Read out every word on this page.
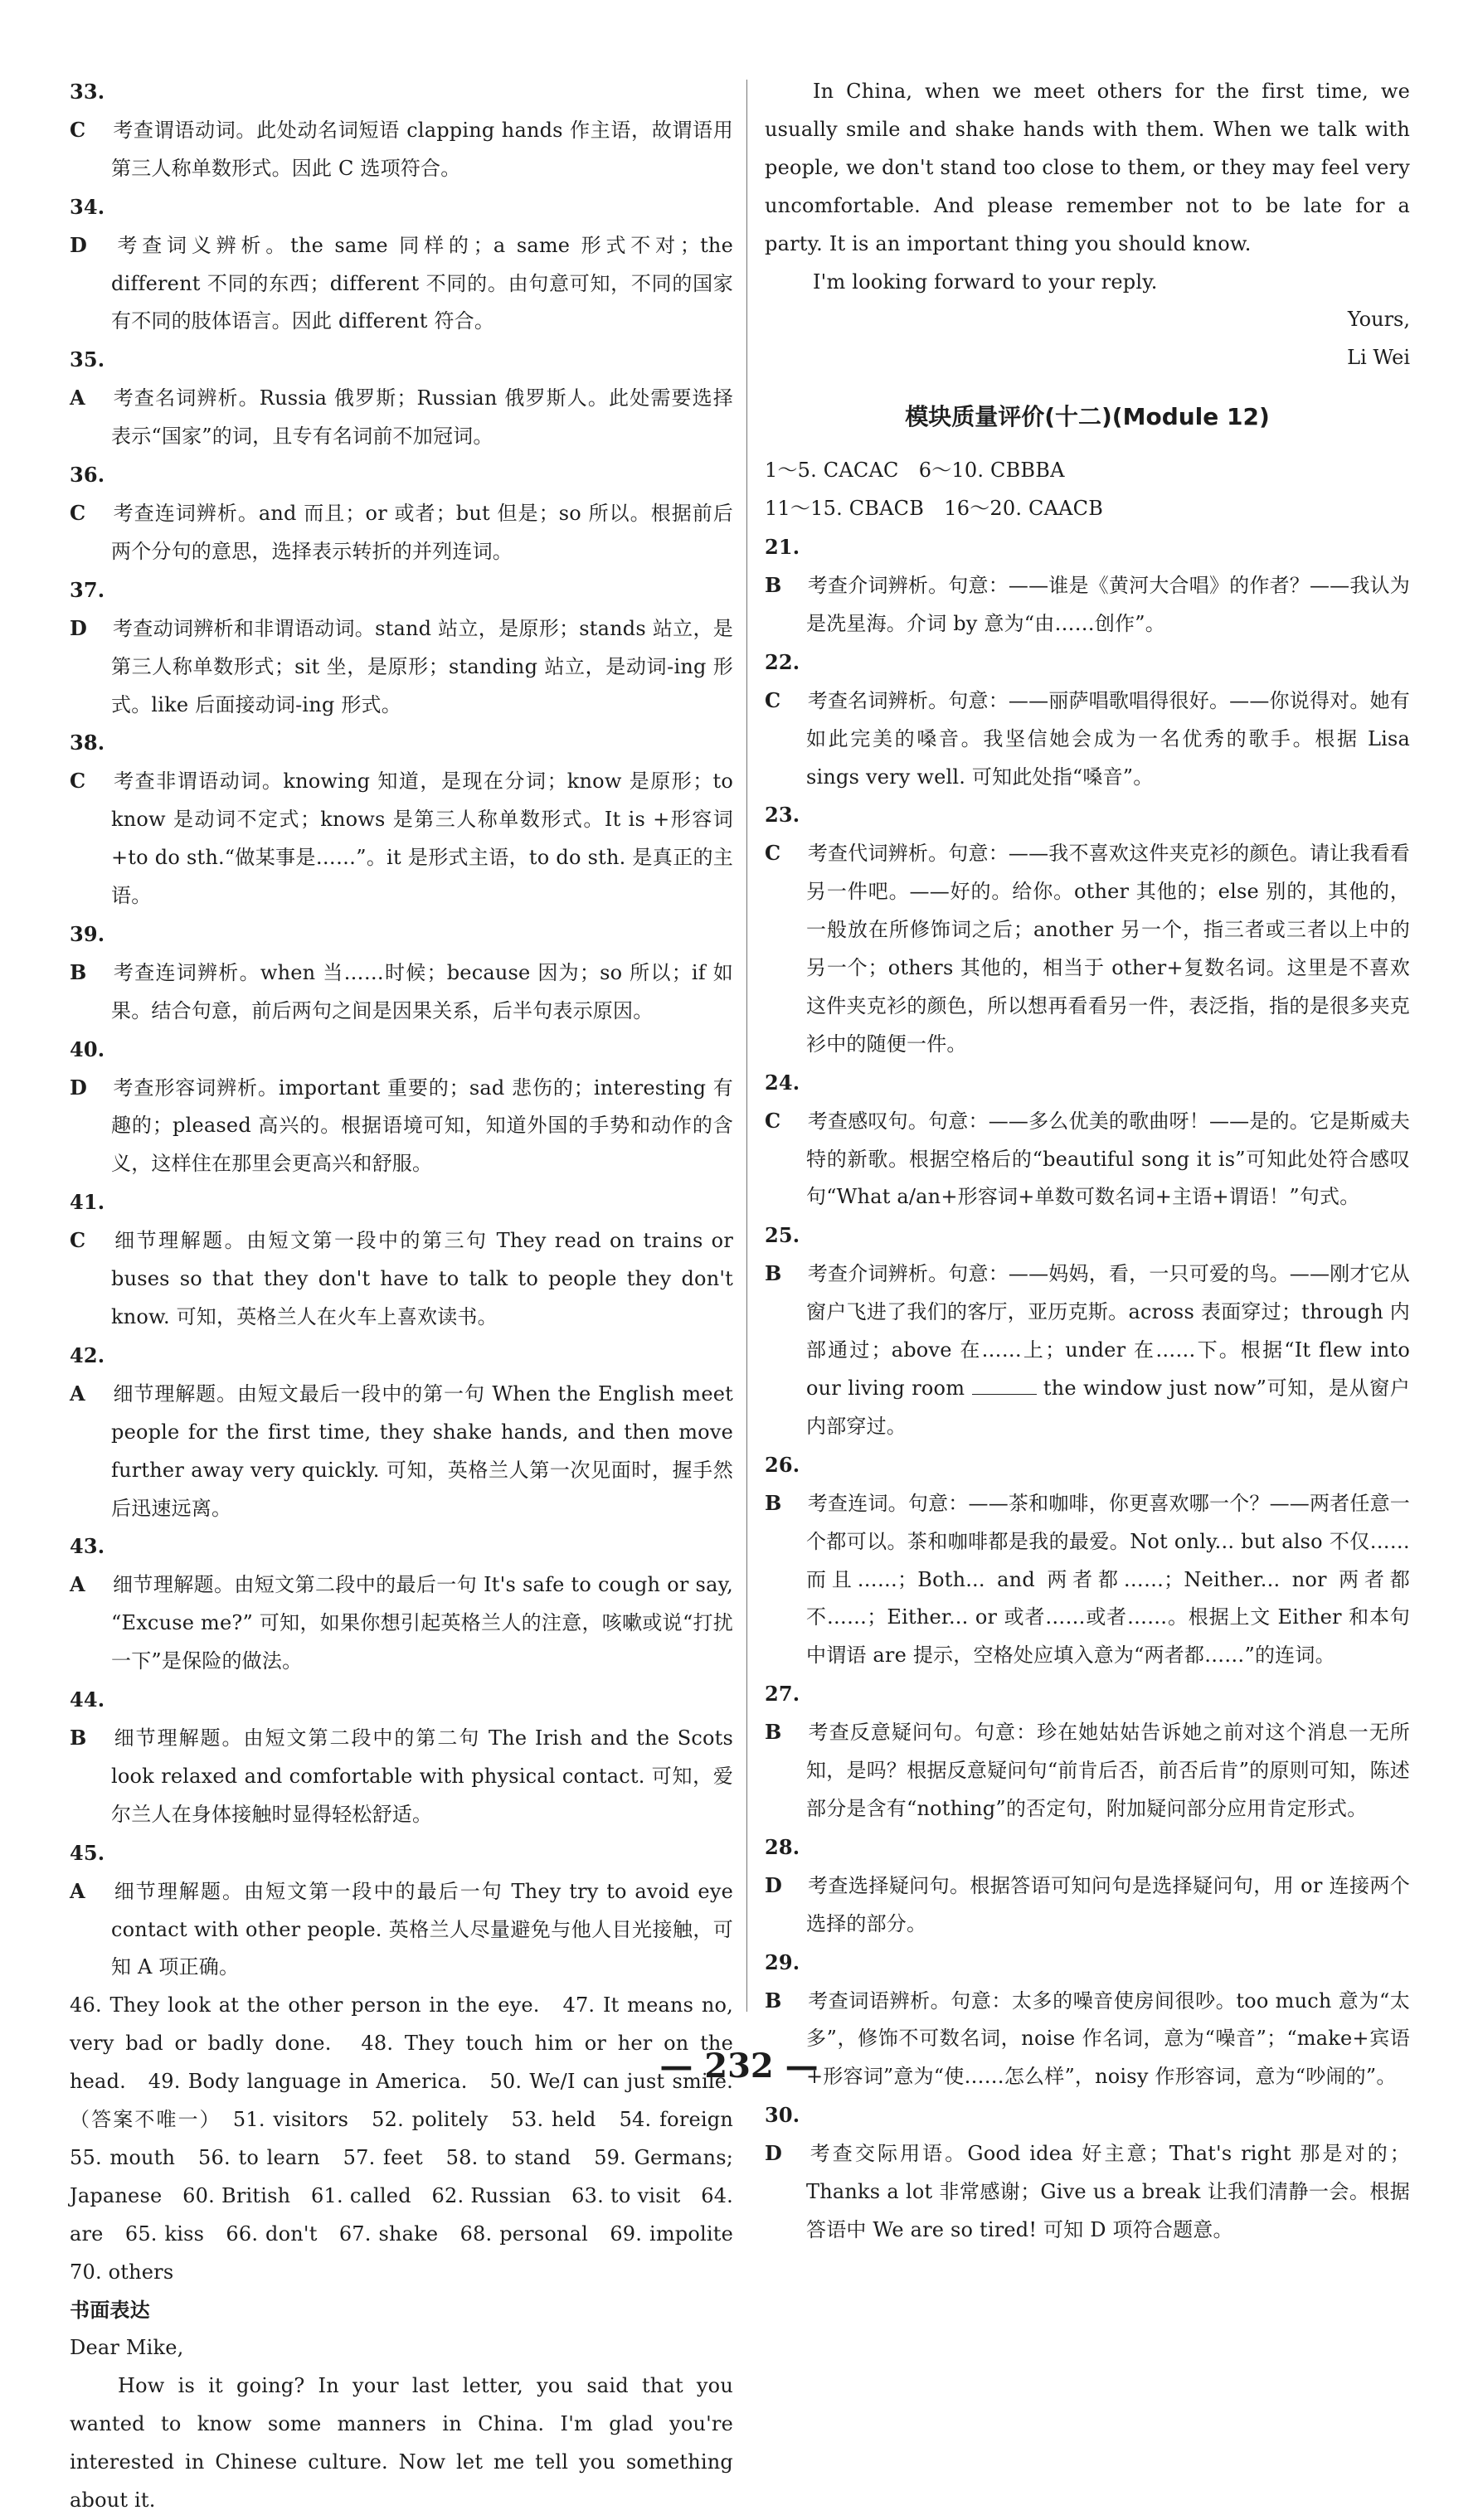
33. C 考查谓语动词。此处动名词短语 clapping hands 作主语，故谓语用第三人称单数形式。因此 C 选项符合。

34. D 考查词义辨析。the same 同样的；a same 形式不对；the different 不同的东西；different 不同的。由句意可知，不同的国家有不同的肢体语言。因此 different 符合。

35. A 考查名词辨析。Russia 俄罗斯；Russian 俄罗斯人。此处需要选择表示“国家”的词，且专有名词前不加冠词。

36. C 考查连词辨析。and 而且；or 或者；but 但是；so 所以。根据前后两个分句的意思，选择表示转折的并列连词。

37. D 考查动词辨析和非谓语动词。stand 站立，是原形；stands 站立，是第三人称单数形式；sit 坐，是原形；standing 站立，是动词-ing 形式。like 后面接动词-ing 形式。

38. C 考查非谓语动词。knowing 知道，是现在分词；know 是原形；to know 是动词不定式；knows 是第三人称单数形式。It is +形容词+to do sth.“做某事是……”。it 是形式主语，to do sth. 是真正的主语。

39. B 考查连词辨析。when 当……时候；because 因为；so 所以；if 如果。结合句意，前后两句之间是因果关系，后半句表示原因。

40. D 考查形容词辨析。important 重要的；sad 悲伤的；interesting 有趣的；pleased 高兴的。根据语境可知，知道外国的手势和动作的含义，这样住在那里会更高兴和舒服。

41. C 细节理解题。由短文第一段中的第三句 They read on trains or buses so that they don't have to talk to people they don't know. 可知，英格兰人在火车上喜欢读书。

42. A 细节理解题。由短文最后一段中的第一句 When the English meet people for the first time, they shake hands, and then move further away very quickly. 可知，英格兰人第一次见面时，握手然后迅速远离。

43. A 细节理解题。由短文第二段中的最后一句 It's safe to cough or say, “Excuse me?” 可知，如果你想引起英格兰人的注意，咳嗽或说“打扰一下”是保险的做法。

44. B 细节理解题。由短文第二段中的第二句 The Irish and the Scots look relaxed and comfortable with physical contact. 可知，爱尔兰人在身体接触时显得轻松舒适。

45. A 细节理解题。由短文第一段中的最后一句 They try to avoid eye contact with other people. 英格兰人尽量避免与他人目光接触，可知 A 项正确。

46. They look at the other person in the eye.　47. It means no, very bad or badly done.　48. They touch him or her on the head.　49. Body language in America.　50. We/I can just smile.（答案不唯一）　51. visitors　52. politely　53. held　54. foreign　55. mouth　56. to learn　57. feet　58. to stand　59. Germans; Japanese　60. British　61. called　62. Russian　63. to visit　64. are　65. kiss　66. don't　67. shake　68. personal　69. impolite　70. others

书面表达

Dear Mike,

How is it going? In your last letter, you said that you wanted to know some manners in China. I'm glad you're interested in Chinese culture. Now let me tell you something about it.

In China, when we meet others for the first time, we usually smile and shake hands with them. When we talk with people, we don't stand too close to them, or they may feel very uncomfortable. And please remember not to be late for a party. It is an important thing you should know.

I'm looking forward to your reply.

Yours,

Li Wei

模块质量评价(十二)(Module 12)

1～5. CACAC　6～10. CBBBA

11～15. CBACB　16～20. CAACB

21. B 考查介词辨析。句意：——谁是《黄河大合唱》的作者？——我认为是冼星海。介词 by 意为“由……创作”。

22. C 考查名词辨析。句意：——丽萨唱歌唱得很好。——你说得对。她有如此完美的嗓音。我坚信她会成为一名优秀的歌手。根据 Lisa sings very well. 可知此处指“嗓音”。

23. C 考查代词辨析。句意：——我不喜欢这件夹克衫的颜色。请让我看看另一件吧。——好的。给你。other 其他的；else 别的，其他的，一般放在所修饰词之后；another 另一个，指三者或三者以上中的另一个；others 其他的，相当于 other+复数名词。这里是不喜欢这件夹克衫的颜色，所以想再看看另一件，表泛指，指的是很多夹克衫中的随便一件。

24. C 考查感叹句。句意：——多么优美的歌曲呀！——是的。它是斯威夫特的新歌。根据空格后的“beautiful song it is”可知此处符合感叹句“What a/an+形容词+单数可数名词+主语+谓语！”句式。

25. B 考查介词辨析。句意：——妈妈，看，一只可爱的鸟。——刚才它从窗户飞进了我们的客厅，亚历克斯。across 表面穿过；through 内部通过；above 在……上；under 在……下。根据“It flew into our living room	the window just now”可知，是从窗户内部穿过。

26. B 考查连词。句意：——茶和咖啡，你更喜欢哪一个？——两者任意一个都可以。茶和咖啡都是我的最爱。Not only... but also 不仅……而且……；Both... and 两者都……；Neither... nor 两者都不……；Either... or 或者……或者……。根据上文 Either 和本句中谓语 are 提示，空格处应填入意为“两者都……”的连词。

27. B 考查反意疑问句。句意：珍在她姑姑告诉她之前对这个消息一无所知，是吗？根据反意疑问句“前肯后否，前否后肯”的原则可知，陈述部分是含有“nothing”的否定句，附加疑问部分应用肯定形式。

28. D 考查选择疑问句。根据答语可知问句是选择疑问句，用 or 连接两个选择的部分。

29. B 考查词语辨析。句意：太多的噪音使房间很吵。too much 意为“太多”，修饰不可数名词，noise 作名词，意为“噪音”；“make+宾语+形容词”意为“使……怎么样”，noisy 作形容词，意为“吵闹的”。

30. D 考查交际用语。Good idea 好主意；That's right 那是对的；Thanks a lot 非常感谢；Give us a break 让我们清静一会。根据答语中 We are so tired! 可知 D 项符合题意。

— 232 —
